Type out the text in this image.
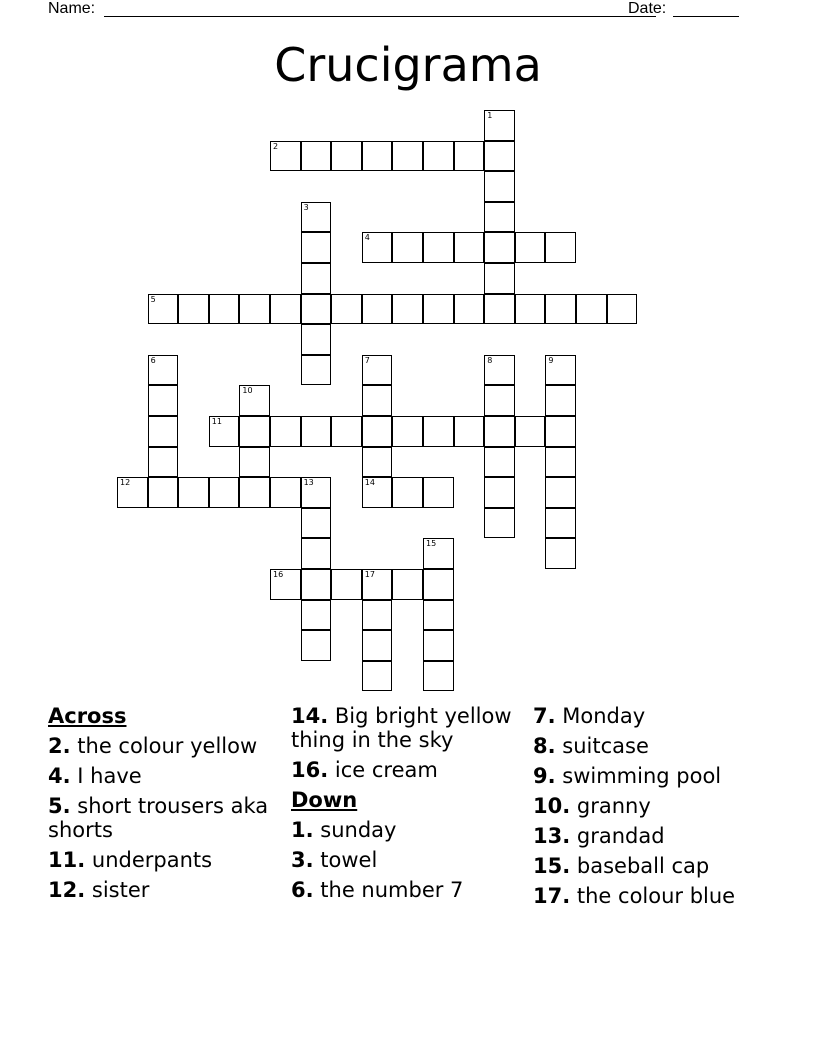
Name:	Date:
Crucigrama
1
2
3
4
5
6	7
14
8	9
10
11
12	13
15
16	17
Across
2. the colour yellow
4. I have
5. short trousers aka shorts
11. underpants
12. sister
14. Big bright yellow thing in the sky
16. ice cream
Down
1. sunday
3. towel
6. the number 7
7. Monday
8. suitcase
9. swimming pool
10. granny
13. grandad
15. baseball cap
17. the colour blue
